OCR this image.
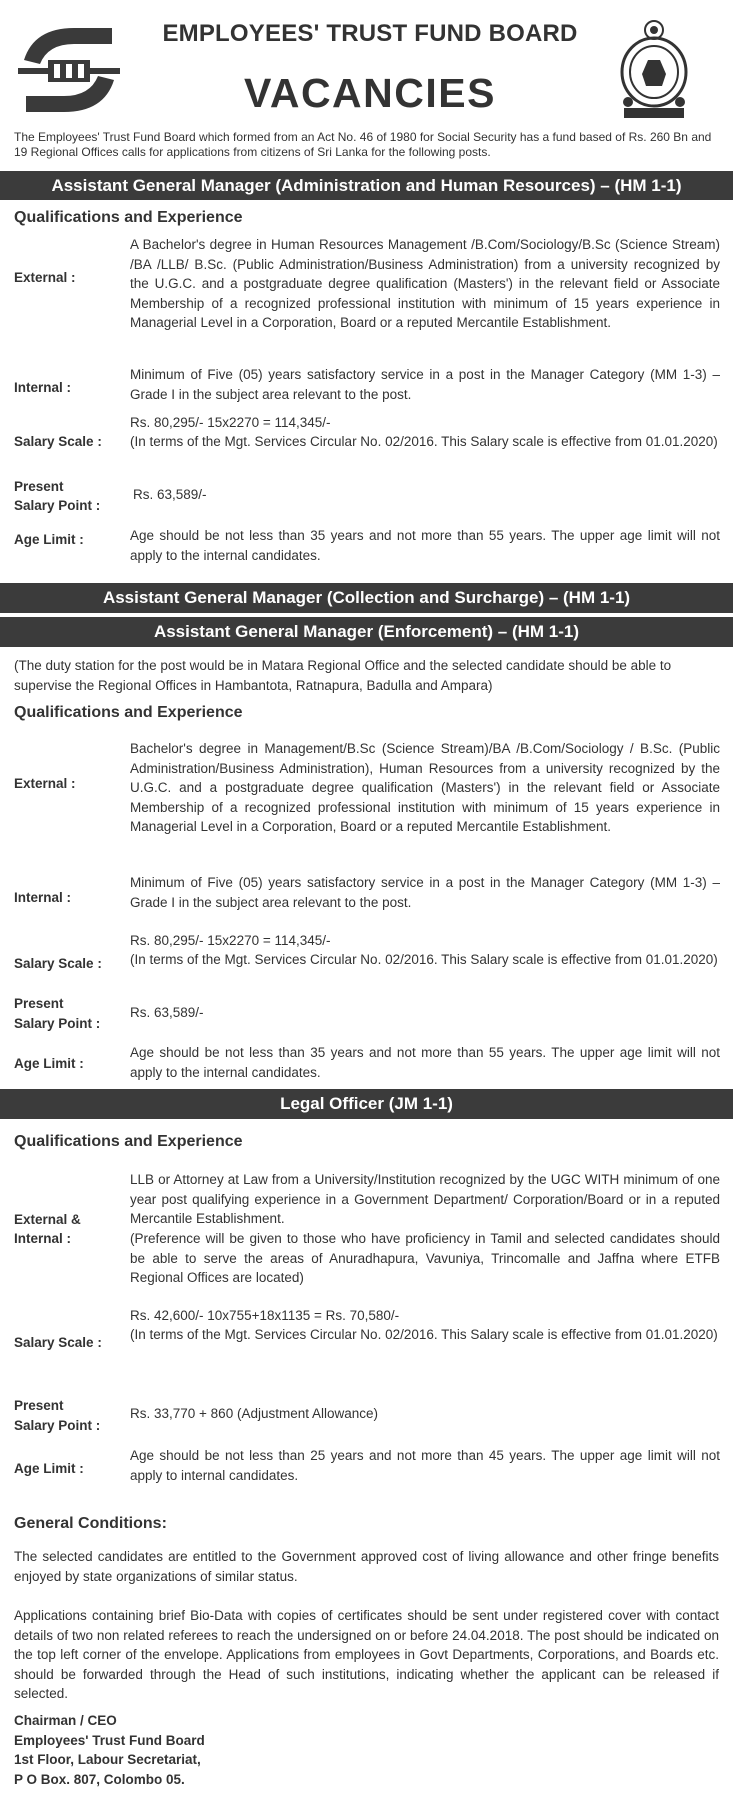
EMPLOYEES' TRUST FUND BOARD
VACANCIES
The Employees' Trust Fund Board which formed from an Act No. 46 of 1980 for Social Security has a fund based of Rs. 260 Bn and 19 Regional Offices calls for applications from citizens of Sri Lanka for the following posts.
Assistant General Manager (Administration and Human Resources) – (HM 1-1)
Qualifications and Experience
External :
A Bachelor's degree in Human Resources Management /B.Com/Sociology/B.Sc (Science Stream) /BA /LLB/ B.Sc. (Public Administration/Business Administration) from a university recognized by the U.G.C. and a postgraduate degree qualification (Masters') in the relevant field or Associate Membership of a recognized professional institution with minimum of 15 years experience in Managerial Level in a Corporation, Board or a reputed Mercantile Establishment.
Internal :
Minimum of Five (05) years satisfactory service in a post in the Manager Category (MM 1-3) – Grade I in the subject area relevant to the post.
Salary Scale :
Rs. 80,295/- 15x2270 = 114,345/-
(In terms of the Mgt. Services Circular No. 02/2016. This Salary scale is effective from 01.01.2020)
Present
Salary Point :
Rs. 63,589/-
Age Limit :	Age should be not less than 35 years and not more than 55 years. The upper age limit will not apply to the internal candidates.
Assistant General Manager (Collection and Surcharge) – (HM 1-1)
Assistant General Manager (Enforcement) – (HM 1-1)
(The duty station for the post would be in Matara Regional Office and the selected candidate should be able to supervise the Regional Offices in Hambantota, Ratnapura, Badulla and Ampara)
Qualifications and Experience
External :
Bachelor's degree in Management/B.Sc (Science Stream)/BA /B.Com/Sociology / B.Sc. (Public Administration/Business Administration), Human Resources from a university recognized by the U.G.C. and a postgraduate degree qualification (Masters') in the relevant field or Associate Membership of a recognized professional institution with minimum of 15 years experience in Managerial Level in a Corporation, Board or a reputed Mercantile Establishment.
Internal :
Minimum of Five (05) years satisfactory service in a post in the Manager Category (MM 1-3) – Grade I in the subject area relevant to the post.
Salary Scale :
Rs. 80,295/- 15x2270 = 114,345/-
(In terms of the Mgt. Services Circular No. 02/2016. This Salary scale is effective from 01.01.2020)
Present
Salary Point :
Rs. 63,589/-
Age Limit :
Age should be not less than 35 years and not more than 55 years. The upper age limit will not apply to the internal candidates.
Legal Officer (JM 1-1)
Qualifications and Experience
External &
Internal :
LLB or Attorney at Law from a University/Institution recognized by the UGC WITH minimum of one year post qualifying experience in a Government Department/ Corporation/Board or in a reputed Mercantile Establishment.
(Preference will be given to those who have proficiency in Tamil and selected candidates should be able to serve the areas of Anuradhapura, Vavuniya, Trincomalle and Jaffna where ETFB Regional Offices are located)
Salary Scale :
Rs. 42,600/- 10x755+18x1135 = Rs. 70,580/-
(In terms of the Mgt. Services Circular No. 02/2016. This Salary scale is effective from 01.01.2020)
Present
Salary Point :
Rs. 33,770 + 860 (Adjustment Allowance)
Age Limit :
Age should be not less than 25 years and not more than 45 years. The upper age limit will not apply to internal candidates.
General Conditions:
The selected candidates are entitled to the Government approved cost of living allowance and other fringe benefits enjoyed by state organizations of similar status.
Applications containing brief Bio-Data with copies of certificates should be sent under registered cover with contact details of two non related referees to reach the undersigned on or before 24.04.2018. The post should be indicated on the top left corner of the envelope. Applications from employees in Govt Departments, Corporations, and Boards etc. should be forwarded through the Head of such institutions, indicating whether the applicant can be released if selected.
Chairman / CEO
Employees' Trust Fund Board
1st Floor, Labour Secretariat,
P O Box. 807, Colombo 05.
